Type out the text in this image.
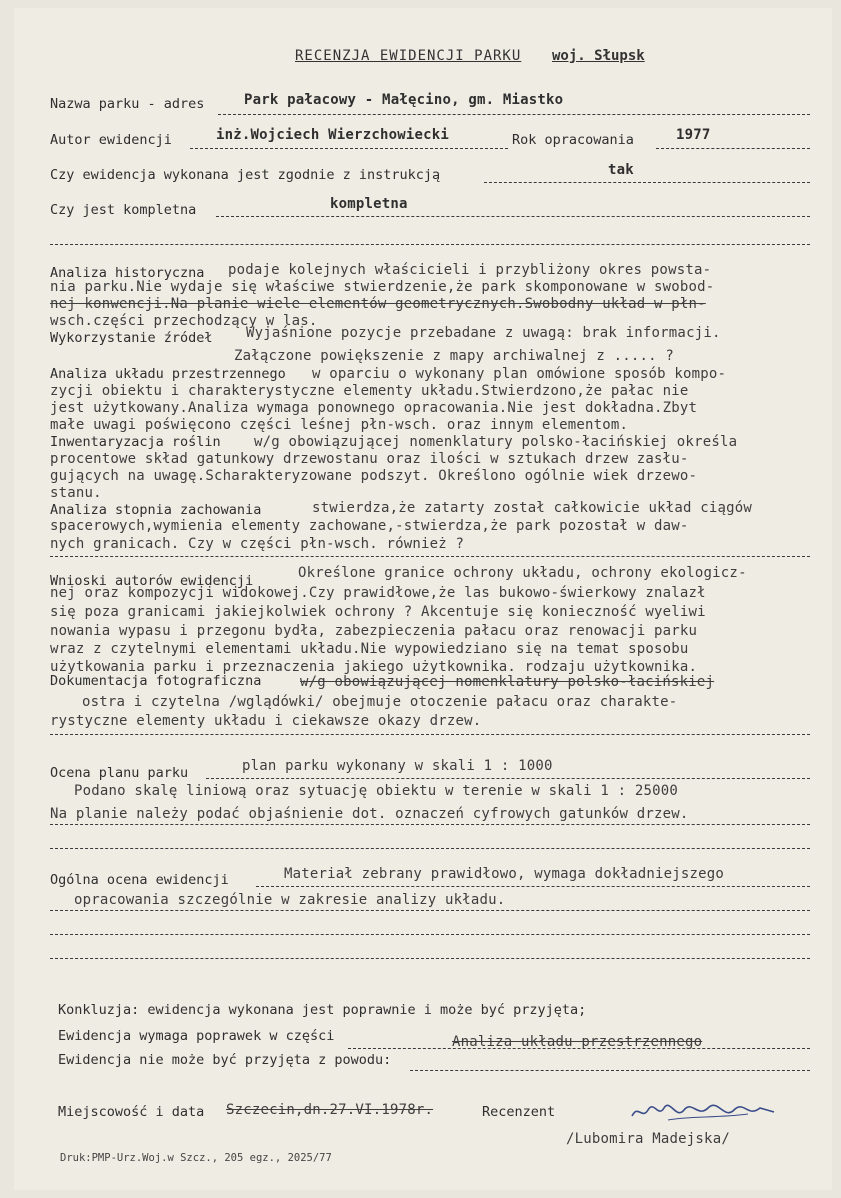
RECENZJA EWIDENCJI PARKU woj. Słupsk
Nazwa parku - adres	Park pałacowy - Małęcino, gm. Miastko
Autor ewidencji	inż.Wojciech Wierzchowiecki	Rok opracowania	1977
Czy ewidencja wykonana jest zgodnie z instrukcją	tak
Czy jest kompletna	kompletna
Analiza historyczna podaje kolejnych właścicieli i przybliżony okres powsta-
nia parku.Nie wydaje się właściwe stwierdzenie,że park skomponowane w swobod-
nej konwencji.Na planie wiele elementów geometrycznych.Swobodny układ w płn-
wsch.części przechodzący w las.
Wykorzystanie źródeł Wyjaśnione pozycje przebadane z uwagą: brak informacji.
Załączone powiększenie z mapy archiwalnej z ..... ?
Analiza układu przestrzennego w oparciu o wykonany plan omówione sposób kompo-
zycji obiektu i charakterystyczne elementy układu.Stwierdzono,że pałac nie
jest użytkowany.Analiza wymaga ponownego opracowania.Nie jest dokładna.Zbyt
małe uwagi poświęcono części leśnej płn-wsch. oraz innym elementom.
Inwentaryzacja roślin w/g obowiązującej nomenklatury polsko-łacińskiej określa
procentowe skład gatunkowy drzewostanu oraz ilości w sztukach drzew zasłu-
gujących na uwagę.Scharakteryzowane podszyt. Określono ogólnie wiek drzewo-
stanu.
Analiza stopnia zachowania	stwierdza,że zatarty został całkowicie układ ciągów
spacerowych,wymienia elementy zachowane,-stwierdza,że park pozostał w daw-
nych granicach. Czy w części płn-wsch. również ?
Wnioski autorów ewidencji	Określone granice ochrony układu, ochrony ekologicz-
nej oraz kompozycji widokowej.Czy prawidłowe,że las bukowo-świerkowy znalazł
się poza granicami jakiejkolwiek ochrony ? Akcentuje się konieczność wyeliwi
nowania wypasu i przegonu bydła, zabezpieczenia pałacu oraz renowacji parku
wraz z czytelnymi elementami układu.Nie wypowiedziano się na temat sposobu
użytkowania parku i przeznaczenia jakiego użytkownika. rodzaju użytkownika.
Dokumentacja fotograficzna	w/g obowiązującej nomenklatury polsko-łacińskiej
ostra i czytelna /wglądówki/ obejmuje otoczenie pałacu oraz charakte-
rystyczne elementy układu i ciekawsze okazy drzew.
Ocena planu parku	plan parku wykonany w skali 1 : 1000
Podano skalę liniową oraz sytuację obiektu w terenie w skali 1 : 25000
Na planie należy podać objaśnienie dot. oznaczeń cyfrowych gatunków drzew.
Ogólna ocena ewidencji	Materiał zebrany prawidłowo, wymaga dokładniejszego
opracowania szczególnie w zakresie analizy układu.
Konkluzja: ewidencja wykonana jest poprawnie i może być przyjęta;
Ewidencja wymaga poprawek w części	Analiza układu przestrzennego
Ewidencja nie może być przyjęta z powodu:
Miejscowość i data Szczecin,dn.27.VI.1978r.	Recenzent
/Lubomira Madejska/
Druk:PMP-Urz.Woj.w Szcz., 205 egz., 2025/77
